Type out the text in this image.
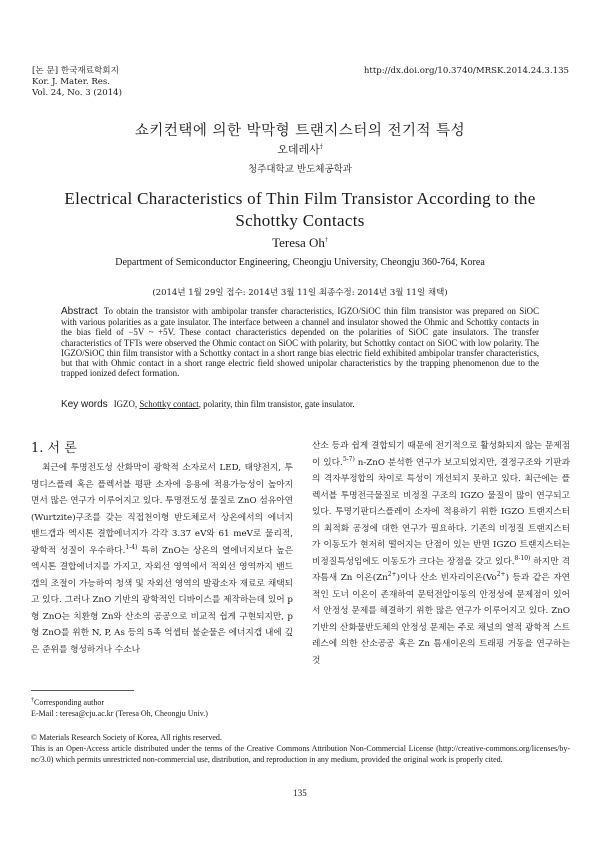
[논 문] 한국재료학회지
Kor. J. Mater. Res.
Vol. 24, No. 3 (2014)
http://dx.doi.org/10.3740/MRSK.2014.24.3.135
쇼키컨택에 의한 박막형 트랜지스터의 전기적 특성
오데레사†
청주대학교 반도체공학과
Electrical Characteristics of Thin Film Transistor According to the Schottky Contacts
Teresa Oh†
Department of Semiconductor Engineering, Cheongju University, Cheongju 360-764, Korea
(2014년 1월 29일 접수: 2014년 3월 11일 최종수정: 2014년 3월 11일 채택)
Abstract To obtain the transistor with ambipolar transfer characteristics, IGZO/SiOC thin film transistor was prepared on SiOC with various polarities as a gate insulator. The interface between a channel and insulator showed the Ohmic and Schottky contacts in the bias field of −5V ~ +5V. These contact characteristics depended on the polarities of SiOC gate insulators. The transfer characteristics of TFTs were observed the Ohmic contact on SiOC with polarity, but Schottky contact on SiOC with low polarity. The IGZO/SiOC thin film transistor with a Schottky contact in a short range bias electric field exhibited ambipolar transfer characteristics, but that with Ohmic contact in a short range electric field showed unipolar characteristics by the trapping phenomenon due to the trapped ionized defect formation.
Key words IGZO, Schottky contact, polarity, thin film transistor, gate insulator.
1. 서 론

최근에 투명전도성 산화막이 광학적 소자로서 LED, 태양전지, 투명디스플레 혹은 플렉서블 평판 소자에 응용에 적용가능성이 높아지면서 많은 연구가 이루어지고 있다. 투명전도성 물질로 ZnO 섬유아연(Wurtzite)구조를 갖는 직접천이형 반도체로서 상온에서의 에너지 밴드갭과 엑시톤 결합에너지가 각각 3.37 eV와 61 meV로 물리적, 광학적 성질이 우수하다.$^{1-4)}$ 특히 ZnO는 상온의 열에너지보다 높은 엑시톤 결합에너지를 가지고, 자외선 영역에서 적외선 영역까지 밴드갭의 조절이 가능하여 청색 및 자외선 영역의 발광소자 재료로 채택되고 있다. 그러나 ZnO 기반의 광학적인 디바이스를 제작하는데 있어 p형 ZnO는 치환형 Zn와 산소의 공공으로 비교적 쉽게 구현되지만, p형 ZnO를 위한 N, P, As 등의 5족 억셉터 불순물은 에너지갭 내에 깊은 준위를 형성하거나 수소나

산소 등과 쉽게 결합되기 때문에 전기적으로 활성화되지 않는 문제점이 있다.$^{5-7)}$ n-ZnO 분석한 연구가 보고되었지만, 결정구조와 기판과의 격자부정합의 차이로 특성이 개선되지 못하고 있다. 최근에는 플렉서블 투명전극물질로 비정질 구조의 IGZO 물질이 많이 연구되고 있다. 투명기판디스플레이 소자에 적용하기 위한 IGZO 트랜지스터의 최적화 공정에 대한 연구가 필요하다. 기존의 비정질 트랜지스터가 이동도가 현저히 떨어지는 단점이 있는 반면 IGZO 트랜지스터는 비정질특성임에도 이동도가 크다는 장점을 갖고 있다.$^{8-10)}$ 하지만 격자틈새 Zn 이온$(Zn^{2+})$이나 산소 빈자리이온$(Vo^{2+})$ 등과 같은 자연적인 도너 이온이 존재하여 문턱전압이동의 안정성에 문제점이 있어서 안정성 문제를 해결하기 위한 많은 연구가 이루어지고 있다. ZnO 기반의 산화물반도체의 안정성 문제는 주로 채널의 열적 광학적 스트레스에 의한 산소공공 혹은 Zn 틈새이온의 트래핑 거동을 연구하는 것

†Corresponding author
E-Mail : teresa@cju.ac.kr (Teresa Oh, Cheongju Univ.)
© Materials Research Society of Korea, All rights reserved.
This is an Open-Access article distributed under the terms of the Creative Commons Attribution Non-Commercial License (http://creative-commons.org/licenses/by-nc/3.0) which permits unrestricted non-commercial use, distribution, and reproduction in any medium, provided the original work is properly cited.
135
